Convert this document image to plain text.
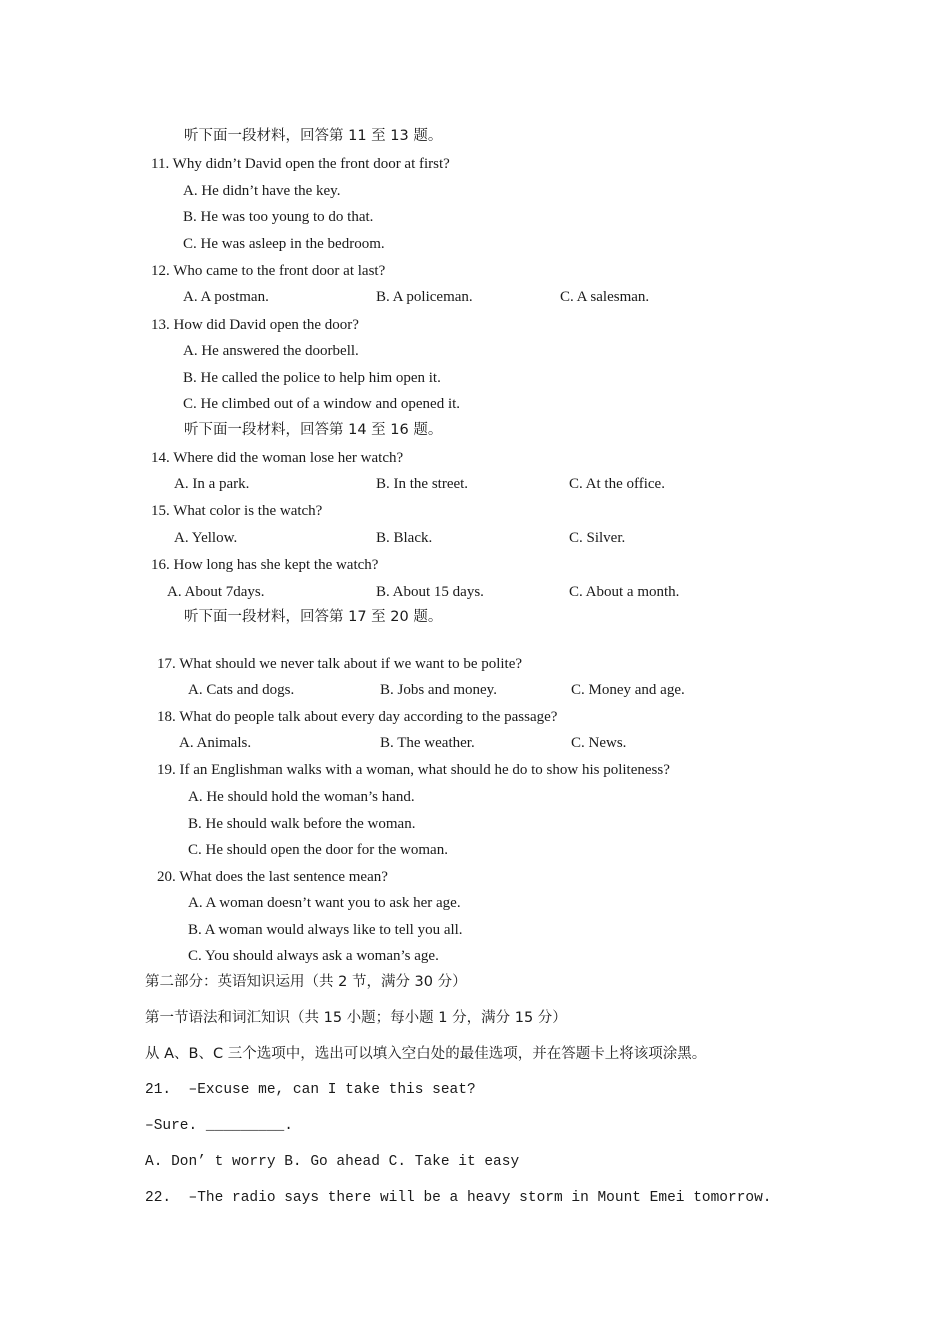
听下面一段材料，回答第 11 至 13 题。
11. Why didn’t David open the front door at first?
A. He didn’t have the key.
B. He was too young to do that.
C. He was asleep in the bedroom.
12. Who came to the front door at last?
A. A postman.	B. A policeman.	C. A salesman.
13. How did David open the door?
A. He answered the doorbell.
B. He called the police to help him open it.
C. He climbed out of a window and opened it.
听下面一段材料，回答第 14 至 16 题。
14. Where did the woman lose her watch?
A. In a park.	B. In the street.	C. At the office.
15. What color is the watch?
A. Yellow.	B. Black.	C. Silver.
16. How long has she kept the watch?
A. About 7days.	B. About 15 days.	C. About a month.
听下面一段材料，回答第 17 至 20 题。
17. What should we never talk about if we want to be polite?
A. Cats and dogs.	B. Jobs and money.	C. Money and age.
18. What do people talk about every day according to the passage?
A. Animals.	B. The weather.	C. News.
19. If an Englishman walks with a woman, what should he do to show his politeness?
A. He should hold the woman’s hand.
B. He should walk before the woman.
C. He should open the door for the woman.
20. What does the last sentence mean?
A. A woman doesn’t want you to ask her age.
B. A woman would always like to tell you all.
C. You should always ask a woman’s age.
第二部分：英语知识运用（共 2 节，满分 30 分）
第一节语法和词汇知识（共 15 小题；每小题 1 分，满分 15 分）
从 A、B、C 三个选项中，选出可以填入空白处的最佳选项，并在答题卡上将该项涂黑。
21.  –Excuse me, can I take this seat?
–Sure. _________.
A. Don’ t worry B. Go ahead C. Take it easy
22.  –The radio says there will be a heavy storm in Mount Emei tomorrow.
